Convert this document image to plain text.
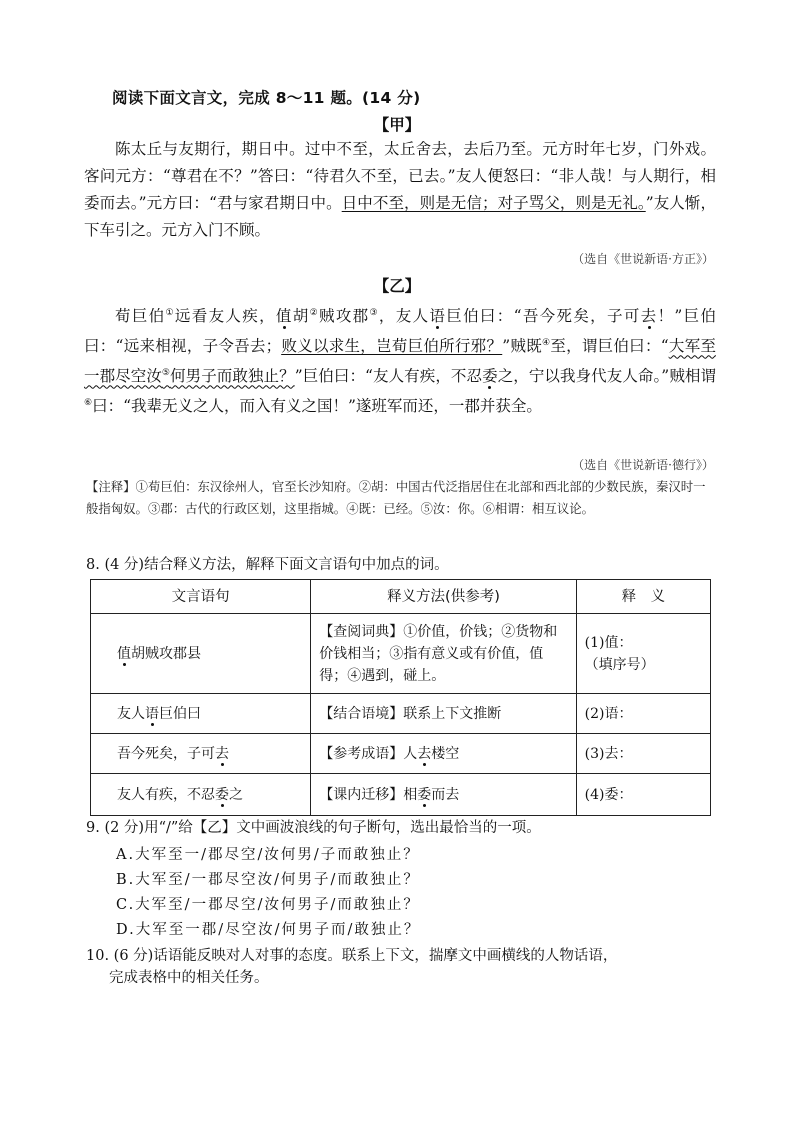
阅读下面文言文，完成 8～11 题。(14 分)
【甲】
陈太丘与友期行，期日中。过中不至，太丘舍去，去后乃至。元方时年七岁，门外戏。客问元方：“尊君在不？”答曰：“待君久不至，已去。”友人便怒曰：“非人哉！与人期行，相委而去。”元方曰：“君与家君期日中。日中不至，则是无信；对子骂父，则是无礼。”友人惭，下车引之。元方入门不顾。
（选自《世说新语·方正》）
【乙】
荀巨伯①远看友人疾，值胡②贼攻郡③，友人语巨伯曰：“吾今死矣，子可去！”巨伯曰：“远来相视，子令吾去；败义以求生，岂荀巨伯所行邪？”贼既④至，谓巨伯曰：“大军至一郡尽空汝⑤何男子而敢独止？”巨伯曰：“友人有疾，不忍委之，宁以我身代友人命。”贼相谓⑥曰：“我辈无义之人，而入有义之国！”遂班军而还，一郡并获全。
（选自《世说新语·德行》）
【注释】①荀巨伯：东汉徐州人，官至长沙知府。②胡：中国古代泛指居住在北部和西北部的少数民族，秦汉时一般指匈奴。③郡：古代的行政区划，这里指城。④既：已经。⑤汝：你。⑥相谓：相互议论。
8. (4 分)结合释义方法，解释下面文言语句中加点的词。
文言语句	释义方法(供参考)	释　义
值胡贼攻郡县	【查阅词典】①价值，价钱；②货物和价钱相当；③指有意义或有价值，值得；④遇到，碰上。	(1)值：
（填序号）

友人语巨伯曰	【结合语境】联系上下文推断	(2)语：
吾今死矣，子可去	【参考成语】人去楼空	(3)去：
友人有疾，不忍委之	【课内迁移】相委而去	(4)委：
9. (2 分)用“/”给【乙】文中画波浪线的句子断句，选出最恰当的一项。
A.大军至一/郡尽空/汝何男/子而敢独止？
B.大军至/一郡尽空汝/何男子/而敢独止？
C.大军至/一郡尽空/汝何男子/而敢独止？
D.大军至一郡/尽空汝/何男子而/敢独止？
10. (6 分)话语能反映对人对事的态度。联系上下文，揣摩文中画横线的人物话语，
完成表格中的相关任务。
